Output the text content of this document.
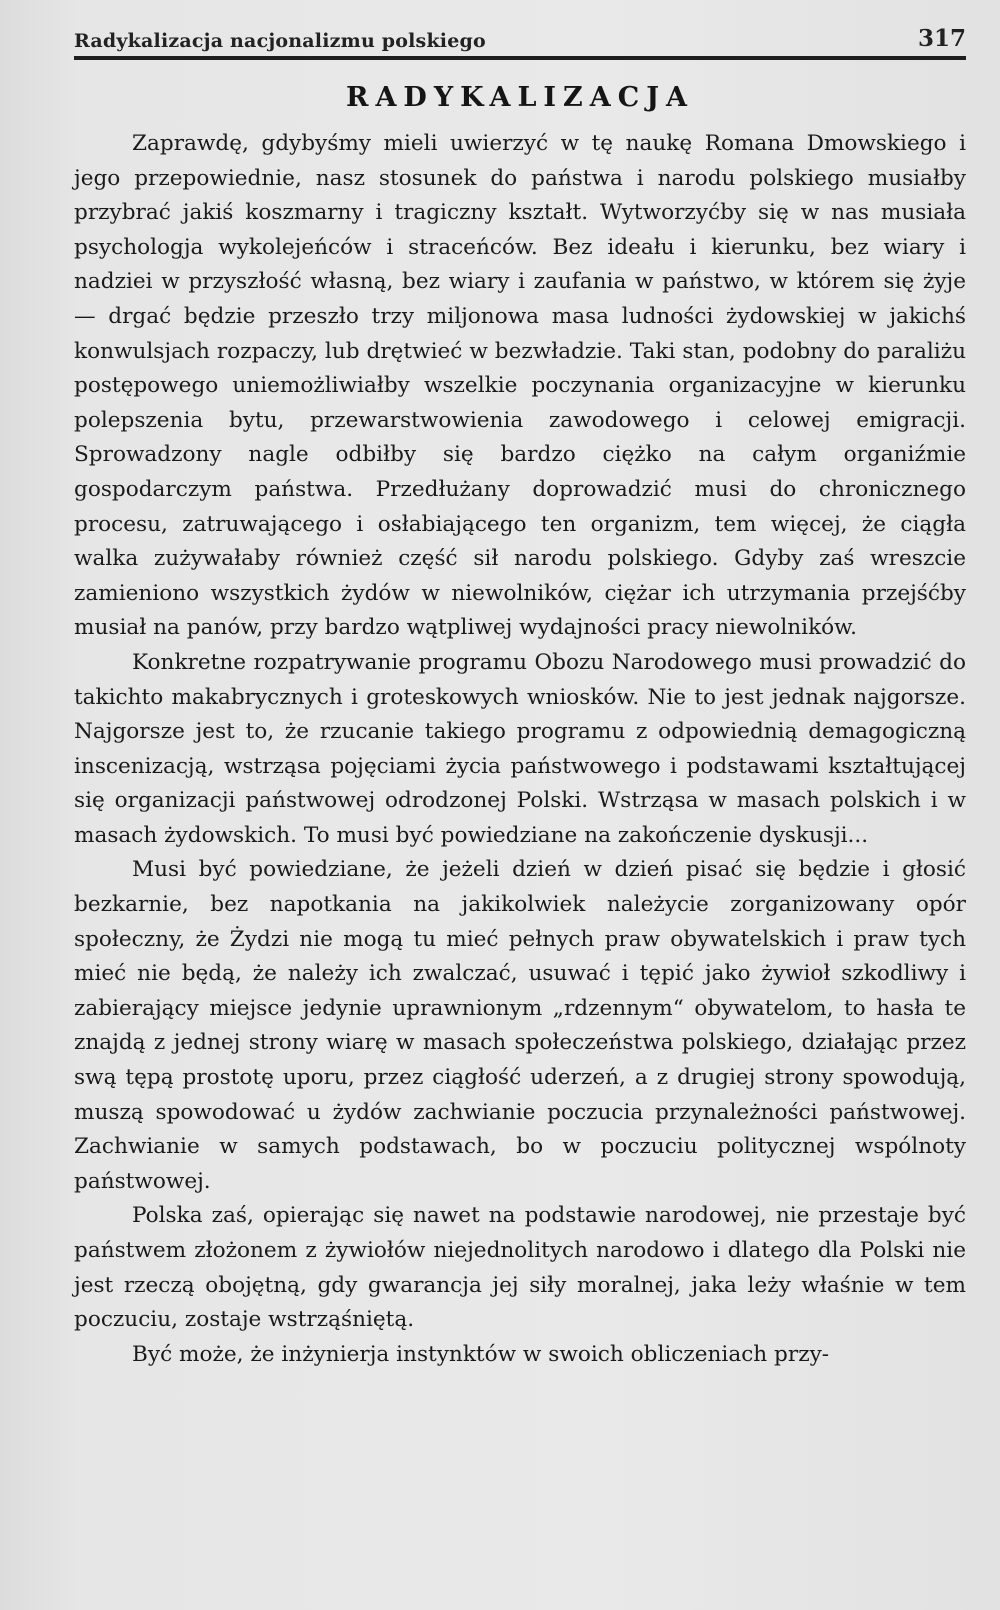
Radykalizacja nacjonalizmu polskiego	317
RADYKALIZACJA

Zaprawdę, gdybyśmy mieli uwierzyć w tę naukę Romana Dmowskiego i jego przepowiednie, nasz stosunek do państwa i narodu polskiego musiałby przybrać jakiś koszmarny i tragiczny kształt. Wytworzyćby się w nas musiała psychologja wykolejeńców i straceńców. Bez ideału i kierunku, bez wiary i nadziei w przyszłość własną, bez wiary i zaufania w państwo, w którem się żyje — drgać będzie przeszło trzy miljonowa masa ludności żydowskiej w jakichś konwulsjach rozpaczy, lub drętwieć w bezwładzie. Taki stan, podobny do paraliżu postępowego uniemożliwiałby wszelkie poczynania organizacyjne w kierunku polepszenia bytu, przewarstwowienia zawodowego i celowej emigracji. Sprowadzony nagle odbiłby się bardzo ciężko na całym organiźmie gospodarczym państwa. Przedłużany doprowadzić musi do chronicznego procesu, zatruwającego i osłabiającego ten organizm, tem więcej, że ciągła walka zużywałaby również część sił narodu polskiego. Gdyby zaś wreszcie zamieniono wszystkich żydów w niewolników, ciężar ich utrzymania przejśćby musiał na panów, przy bardzo wątpliwej wydajności pracy niewolników.

Konkretne rozpatrywanie programu Obozu Narodowego musi prowadzić do takichto makabrycznych i groteskowych wniosków. Nie to jest jednak najgorsze. Najgorsze jest to, że rzucanie takiego programu z odpowiednią demagogiczną inscenizacją, wstrząsa pojęciami życia państwowego i podstawami kształtującej się organizacji państwowej odrodzonej Polski. Wstrząsa w masach polskich i w masach żydowskich. To musi być powiedziane na zakończenie dyskusji...

Musi być powiedziane, że jeżeli dzień w dzień pisać się będzie i głosić bezkarnie, bez napotkania na jakikolwiek należycie zorganizowany opór społeczny, że Żydzi nie mogą tu mieć pełnych praw obywatelskich i praw tych mieć nie będą, że należy ich zwalczać, usuwać i tępić jako żywioł szkodliwy i zabierający miejsce jedynie uprawnionym „rdzennym“ obywatelom, to hasła te znajdą z jednej strony wiarę w masach społeczeństwa polskiego, działając przez swą tępą prostotę uporu, przez ciągłość uderzeń, a z drugiej strony spowodują, muszą spowodować u żydów zachwianie poczucia przynależności państwowej. Zachwianie w samych podstawach, bo w poczuciu politycznej wspólnoty państwowej.

Polska zaś, opierając się nawet na podstawie narodowej, nie przestaje być państwem złożonem z żywiołów niejednolitych narodowo i dlatego dla Polski nie jest rzeczą obojętną, gdy gwarancja jej siły moralnej, jaka leży właśnie w tem poczuciu, zostaje wstrząśniętą.

Być może, że inżynierja instynktów w swoich obliczeniach przy-
